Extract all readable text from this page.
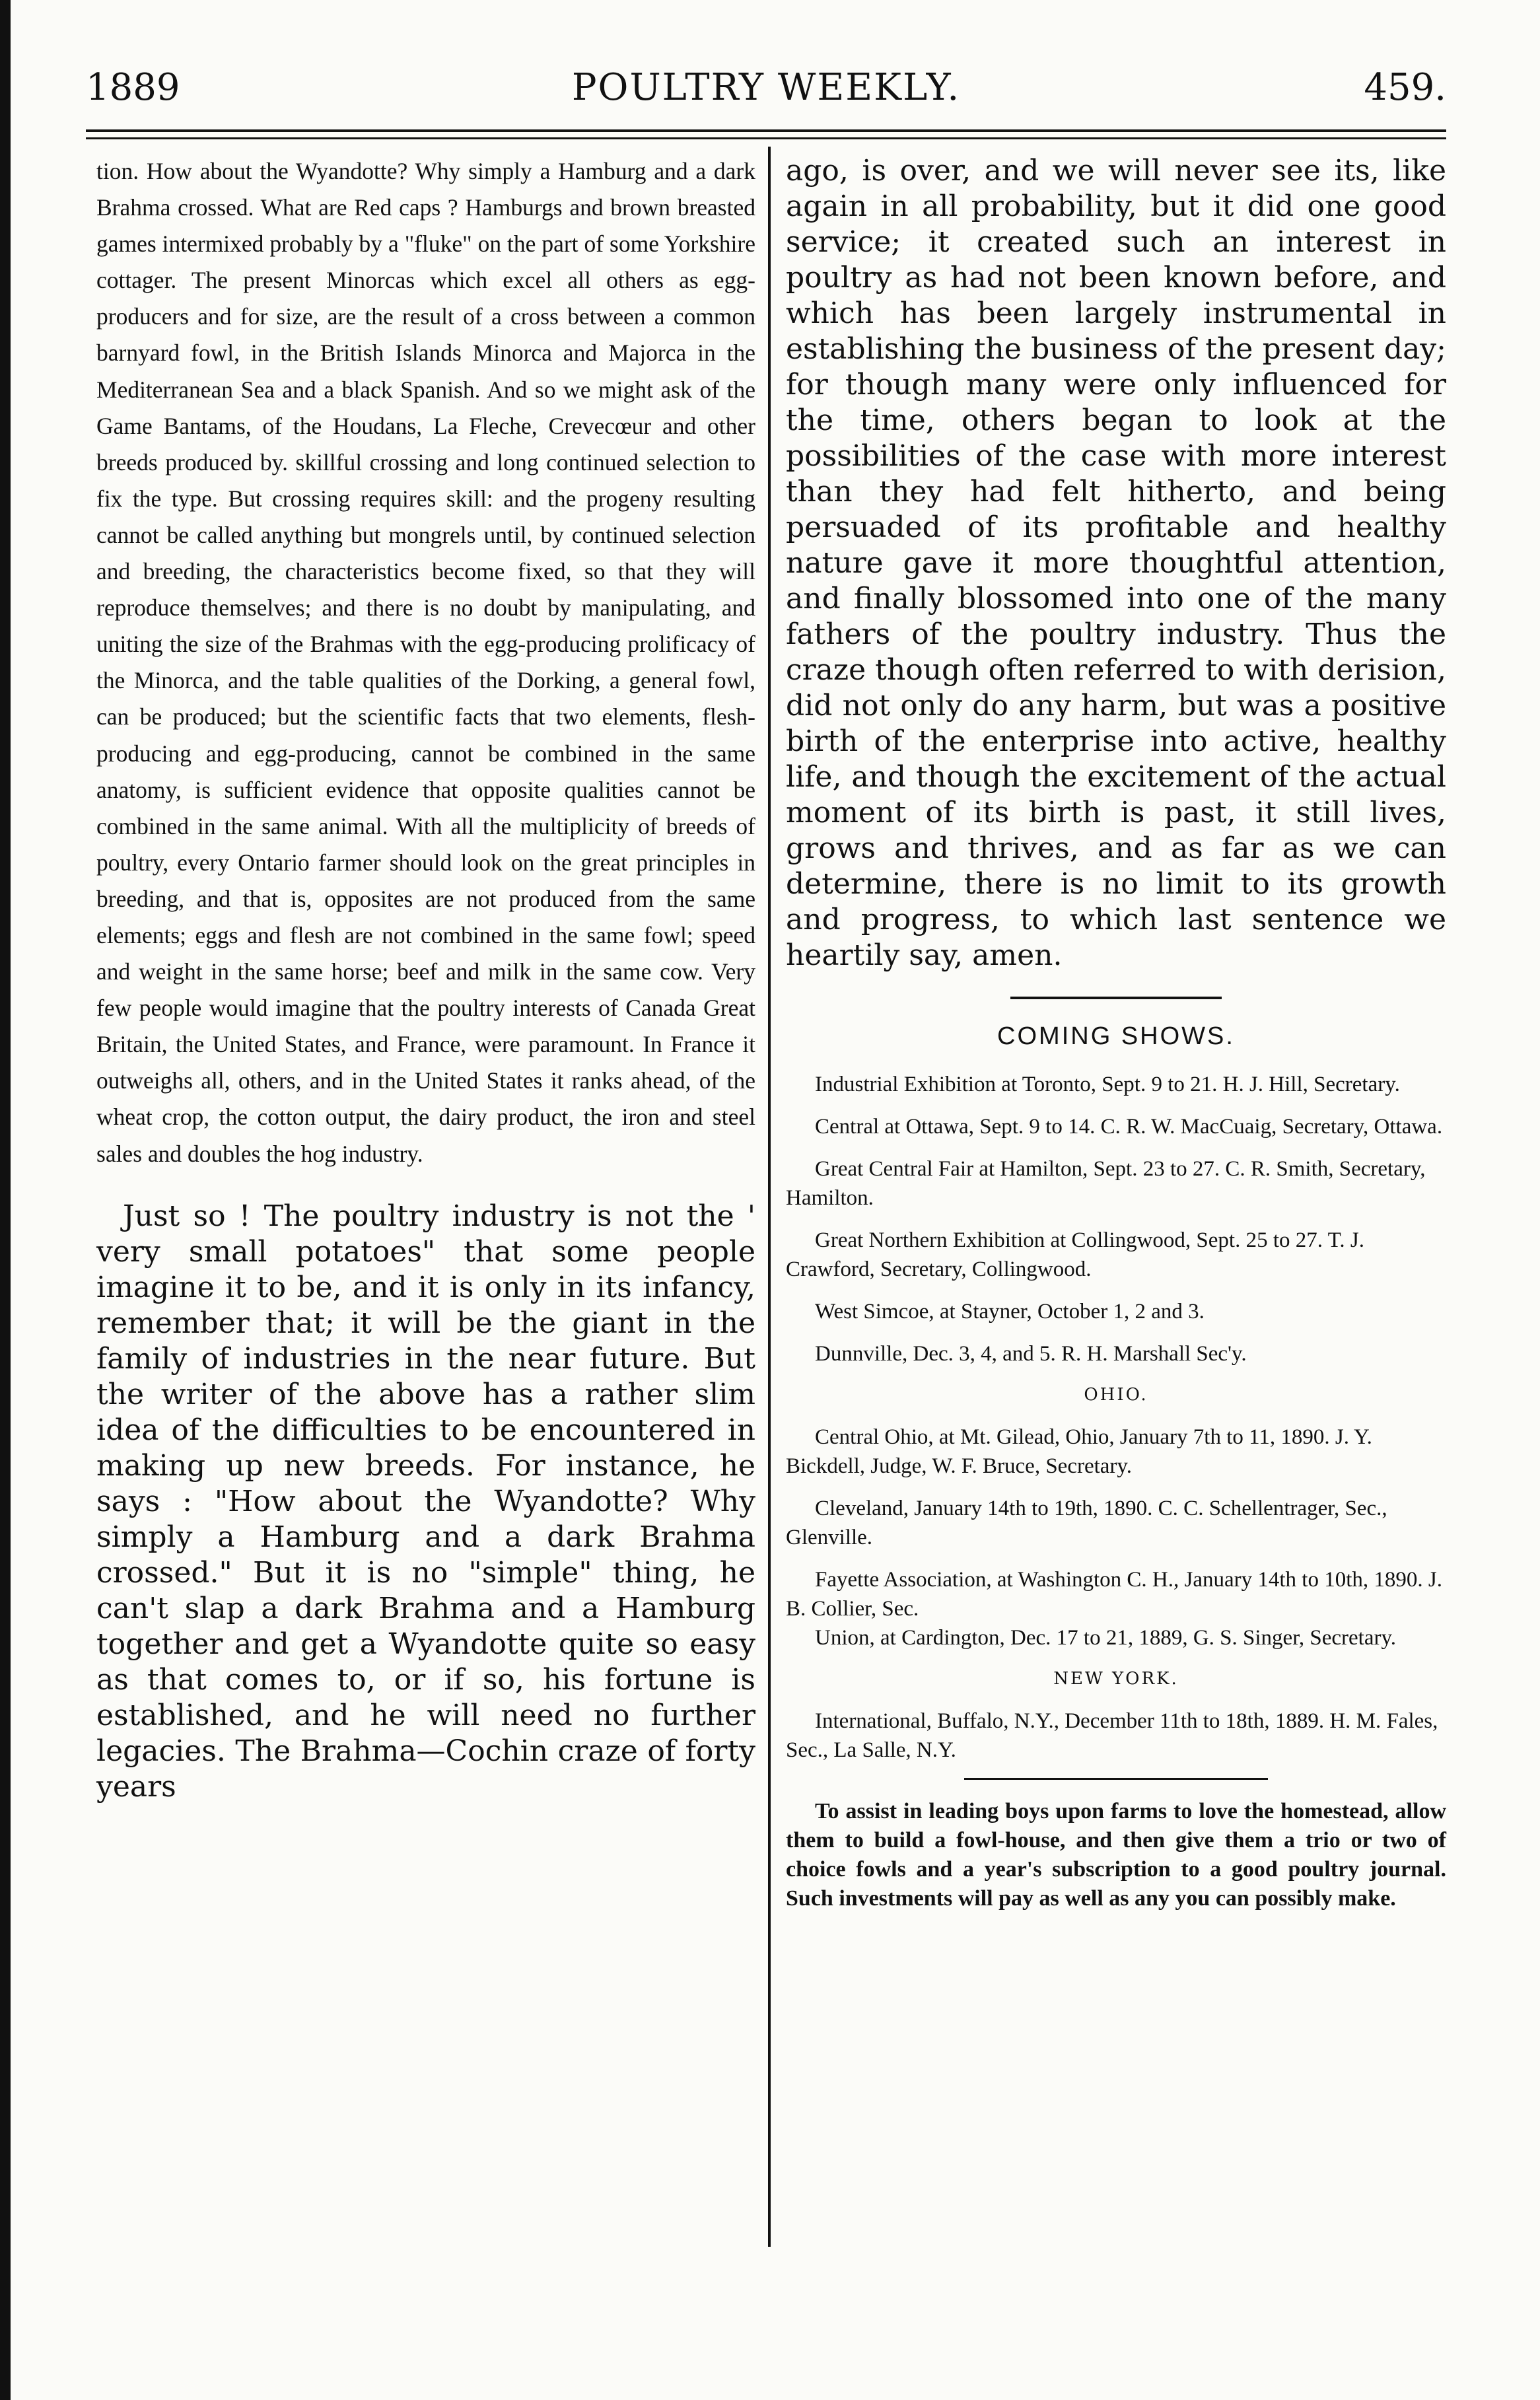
1889	POULTRY WEEKLY.	459.

tion. How about the Wyandotte? Why simply a Hamburg and a dark Brahma crossed. What are Red caps ? Hamburgs and brown breasted games intermixed probably by a "fluke" on the part of some Yorkshire cottager. The present Minorcas which excel all others as egg-producers and for size, are the result of a cross between a common barnyard fowl, in the British Islands Minorca and Majorca in the Mediterranean Sea and a black Spanish. And so we might ask of the Game Bantams, of the Houdans, La Fleche, Crevecœur and other breeds produced by. skillful crossing and long continued selection to fix the type. But crossing requires skill: and the progeny resulting cannot be called anything but mongrels until, by continued selection and breeding, the characteristics become fixed, so that they will reproduce themselves; and there is no doubt by manipulating, and uniting the size of the Brahmas with the egg-producing prolificacy of the Minorca, and the table qualities of the Dorking, a general fowl, can be produced; but the scientific facts that two elements, flesh-producing and egg-producing, cannot be combined in the same anatomy, is sufficient evidence that opposite qualities cannot be combined in the same animal. With all the multiplicity of breeds of poultry, every Ontario farmer should look on the great principles in breeding, and that is, opposites are not produced from the same elements; eggs and flesh are not combined in the same fowl; speed and weight in the same horse; beef and milk in the same cow. Very few people would imagine that the poultry interests of Canada Great Britain, the United States, and France, were paramount. In France it outweighs all, others, and in the United States it ranks ahead, of the wheat crop, the cotton output, the dairy product, the iron and steel sales and doubles the hog industry.

Just so ! The poultry industry is not the ' very small potatoes" that some people imagine it to be, and it is only in its infancy, remember that; it will be the giant in the family of industries in the near future. But the writer of the above has a rather slim idea of the difficulties to be encountered in making up new breeds. For instance, he says : "How about the Wyandotte? Why simply a Hamburg and a dark Brahma crossed." But it is no "simple" thing, he can't slap a dark Brahma and a Hamburg together and get a Wyandotte quite so easy as that comes to, or if so, his fortune is established, and he will need no further legacies. The Brahma—Cochin craze of forty years

ago, is over, and we will never see its, like again in all probability, but it did one good service; it created such an interest in poultry as had not been known before, and which has been largely instrumental in establishing the business of the present day; for though many were only influenced for the time, others began to look at the possibilities of the case with more interest than they had felt hitherto, and being persuaded of its profitable and healthy nature gave it more thoughtful attention, and finally blossomed into one of the many fathers of the poultry industry. Thus the craze though often referred to with derision, did not only do any harm, but was a positive birth of the enterprise into active, healthy life, and though the excitement of the actual moment of its birth is past, it still lives, grows and thrives, and as far as we can determine, there is no limit to its growth and progress, to which last sentence we heartily say, amen.

COMING SHOWS.

Industrial Exhibition at Toronto, Sept. 9 to 21. H. J. Hill, Secretary.

Central at Ottawa, Sept. 9 to 14. C. R. W. MacCuaig, Secretary, Ottawa.

Great Central Fair at Hamilton, Sept. 23 to 27. C. R. Smith, Secretary, Hamilton.

Great Northern Exhibition at Collingwood, Sept. 25 to 27. T. J. Crawford, Secretary, Collingwood.

West Simcoe, at Stayner, October 1, 2 and 3.

Dunnville, Dec. 3, 4, and 5. R. H. Marshall Sec'y.

OHIO.

Central Ohio, at Mt. Gilead, Ohio, January 7th to 11, 1890. J. Y. Bickdell, Judge, W. F. Bruce, Secretary.

Cleveland, January 14th to 19th, 1890. C. C. Schellentrager, Sec., Glenville.

Fayette Association, at Washington C. H., January 14th to 10th, 1890. J. B. Collier, Sec.

Union, at Cardington, Dec. 17 to 21, 1889, G. S. Singer, Secretary.

NEW YORK.

International, Buffalo, N.Y., December 11th to 18th, 1889. H. M. Fales, Sec., La Salle, N.Y.

To assist in leading boys upon farms to love the homestead, allow them to build a fowl-house, and then give them a trio or two of choice fowls and a year's subscription to a good poultry journal. Such investments will pay as well as any you can possibly make.
